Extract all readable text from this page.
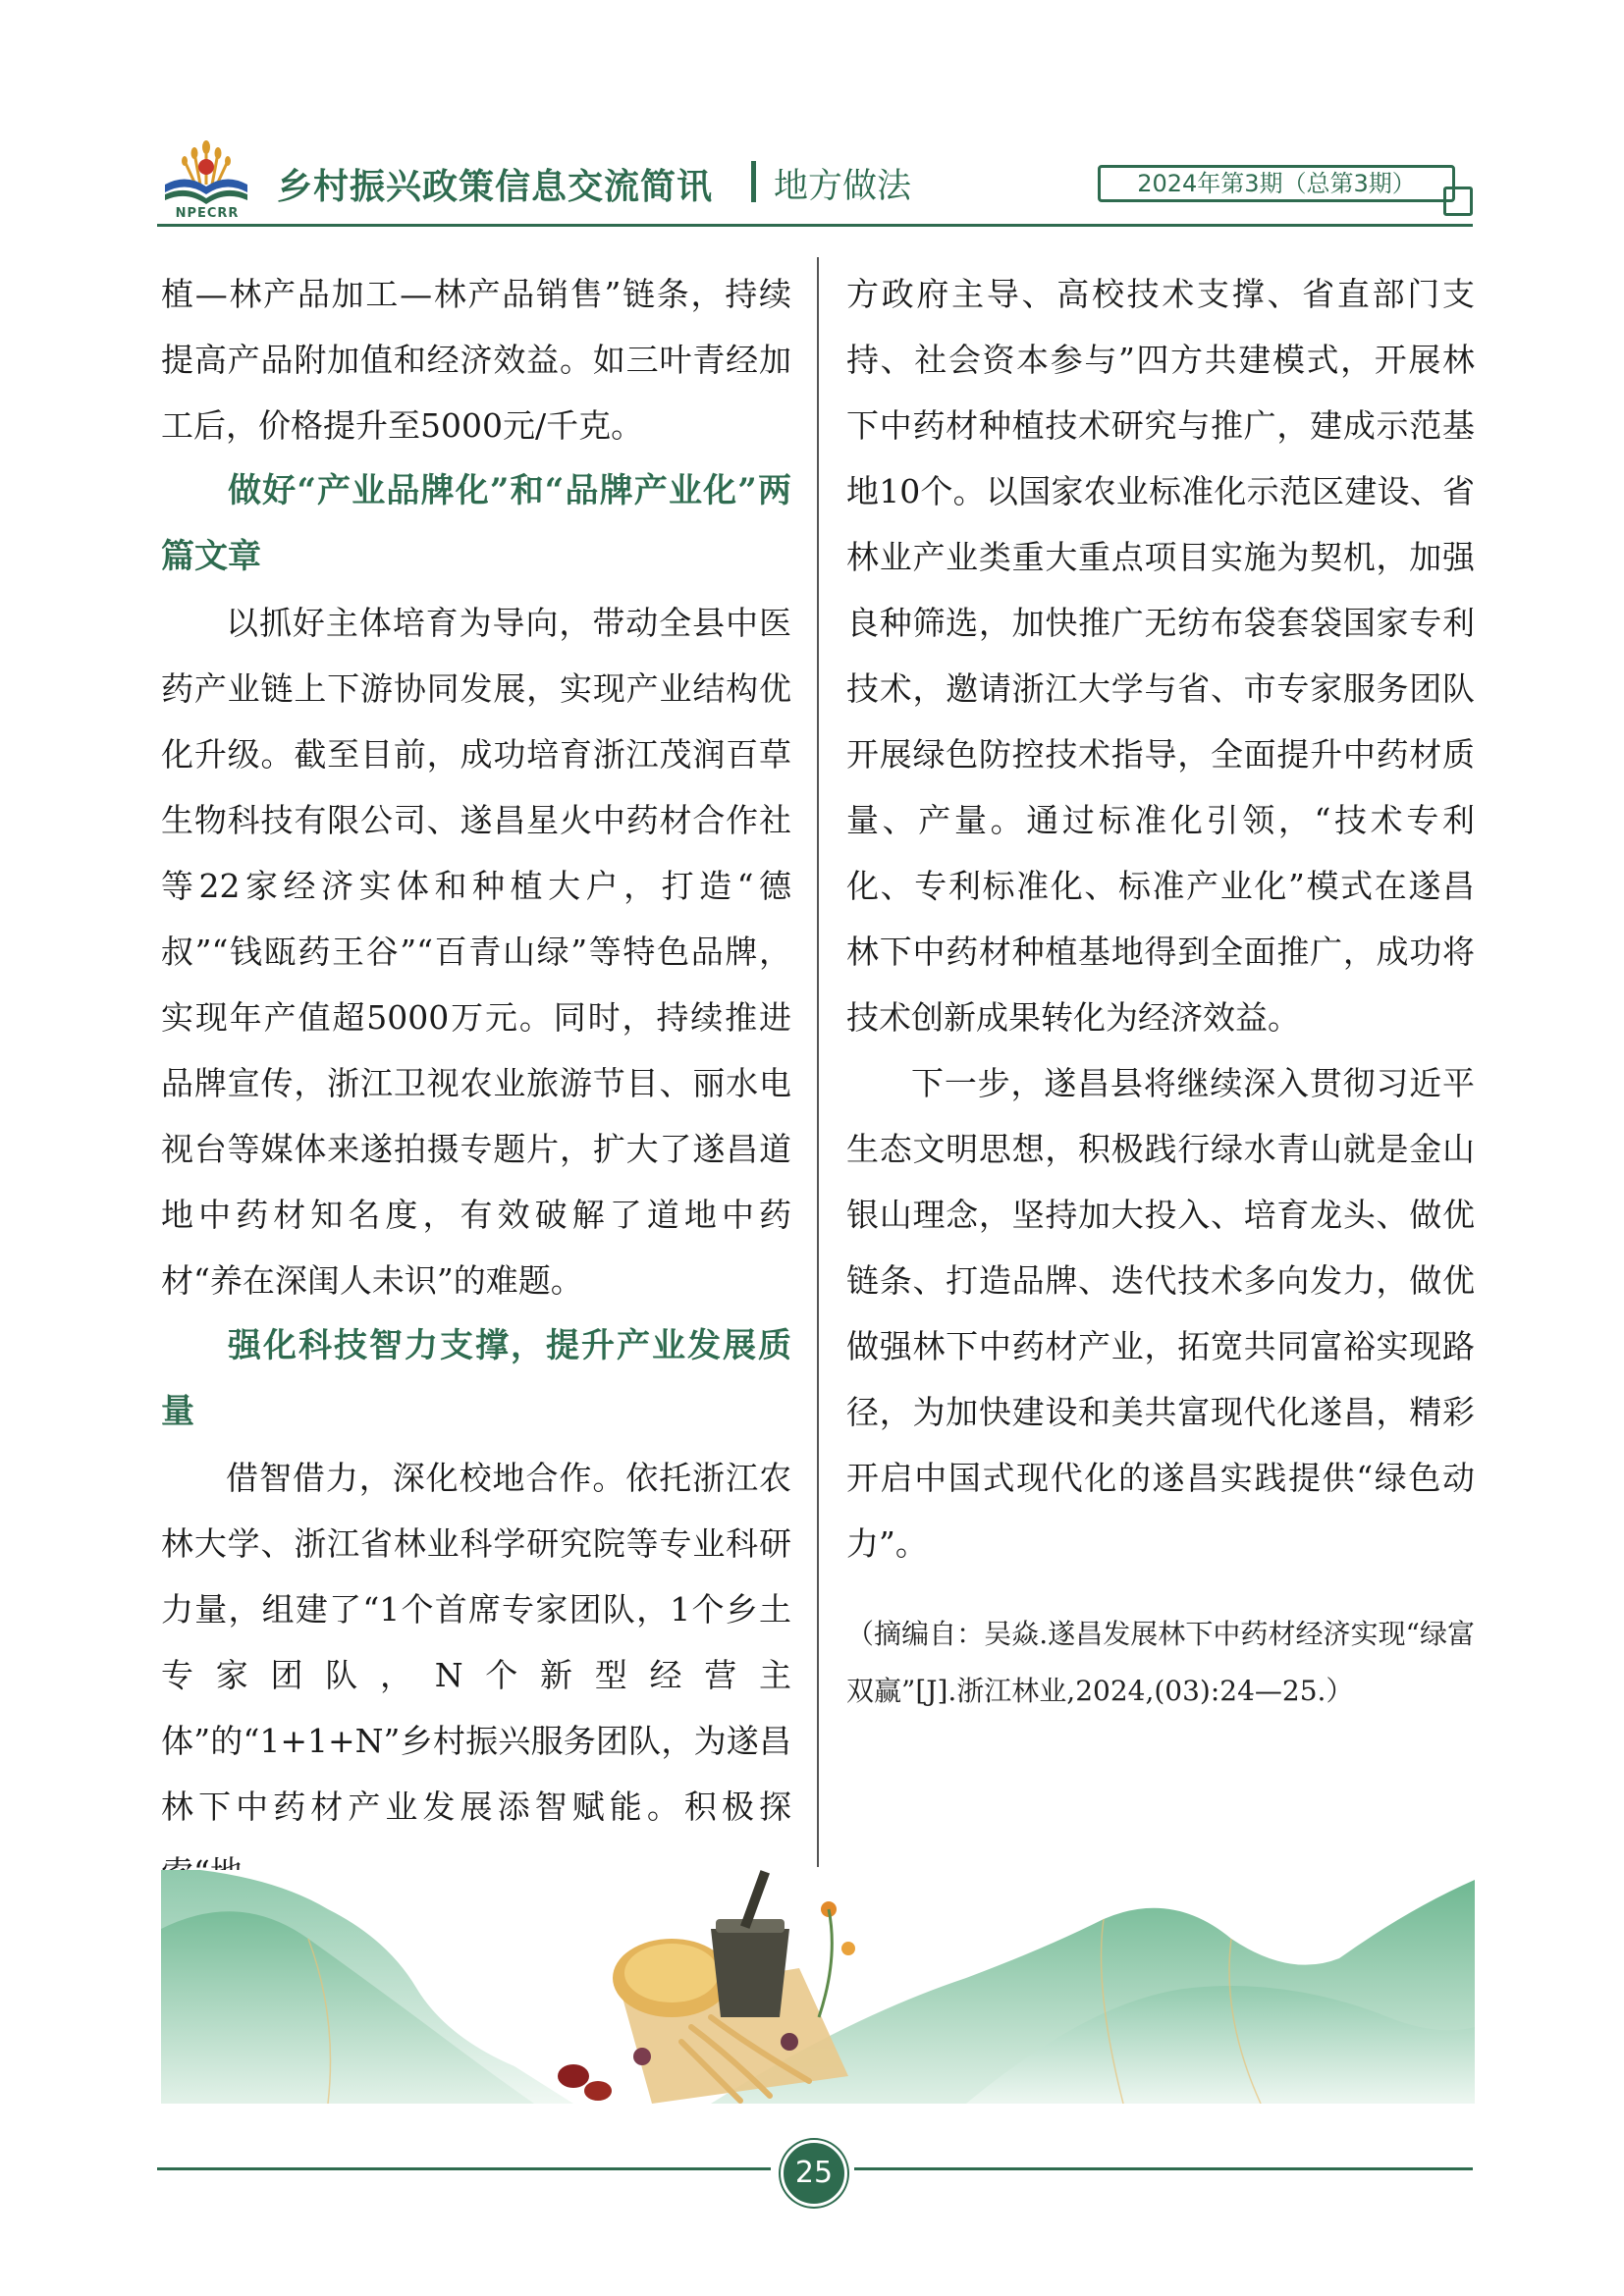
NPECRR
乡村振兴政策信息交流简讯 地方做法	2024年第3期（总第3期）

植—林产品加工—林产品销售”链条，持续提高产品附加值和经济效益。如三叶青经加工后，价格提升至5000元/千克。

做好“产业品牌化”和“品牌产业化”两篇文章

以抓好主体培育为导向，带动全县中医药产业链上下游协同发展，实现产业结构优化升级。截至目前，成功培育浙江茂润百草生物科技有限公司、遂昌星火中药材合作社等22家经济实体和种植大户，打造“德叔”“钱瓯药王谷”“百青山绿”等特色品牌，实现年产值超5000万元。同时，持续推进品牌宣传，浙江卫视农业旅游节目、丽水电视台等媒体来遂拍摄专题片，扩大了遂昌道地中药材知名度，有效破解了道地中药材“养在深闺人未识”的难题。

强化科技智力支撑，提升产业发展质量

借智借力，深化校地合作。依托浙江农林大学、浙江省林业科学研究院等专业科研力量，组建了“1个首席专家团队，1个乡土专家团队，N个新型经营主体”的“1+1+N”乡村振兴服务团队，为遂昌林下中药材产业发展添智赋能。积极探

方政府主导、高校技术支撑、省直部门支持、社会资本参与”四方共建模式，开展林下中药材种植技术研究与推广，建成示范基地10个。以国家农业标准化示范区建设、省林业产业类重大重点项目实施为契机，加强良种筛选，加快推广无纺布袋套袋国家专利技术，邀请浙江大学与省、市专家服务团队开展绿色防控技术指导，全面提升中药材质量、产量。通过标准化引领，“技术专利化、专利标准化、标准产业化”模式在遂昌林下中药材种植基地得到全面推广，成功将技术创新成果转化为经济效益。

下一步，遂昌县将继续深入贯彻习近平生态文明思想，积极践行绿水青山就是金山银山理念，坚持加大投入、培育龙头、做优链条、打造品牌、迭代技术多向发力，做优做强林下中药材产业，拓宽共同富裕实现路径，为加快建设和美共富现代化遂昌，精彩开启中国式现代化的遂昌实践提供“绿色动力”。

（摘编自：吴焱.遂昌发展林下中药材经济实现“绿富双赢”[J].浙江林业,2024,(03):24—25.）

25
